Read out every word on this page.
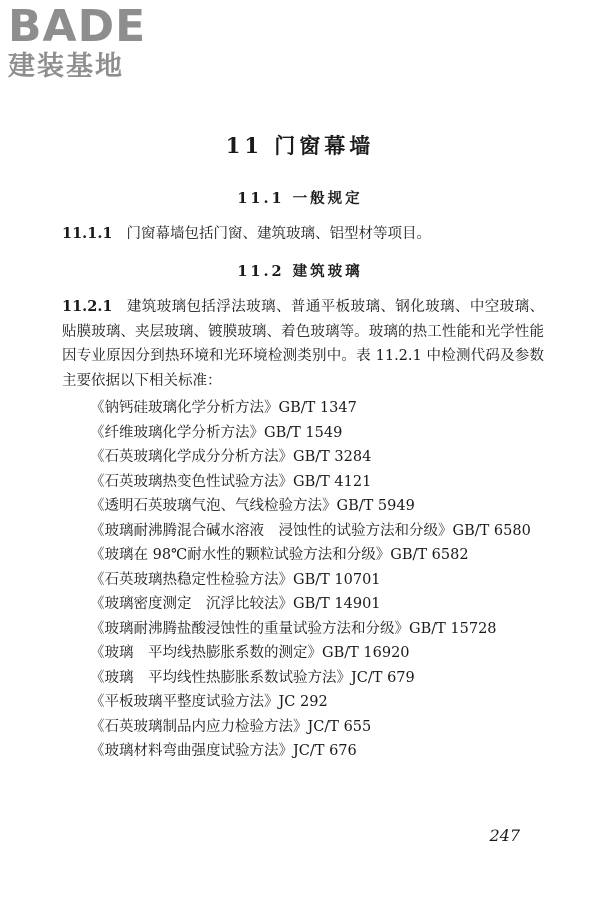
BADE
建装基地
11 门窗幕墙
11.1 一般规定
11.1.1 门窗幕墙包括门窗、建筑玻璃、铝型材等项目。
11.2 建筑玻璃
11.2.1 建筑玻璃包括浮法玻璃、普通平板玻璃、钢化玻璃、中空玻璃、贴膜玻璃、夹层玻璃、镀膜玻璃、着色玻璃等。玻璃的热工性能和光学性能因专业原因分到热环境和光环境检测类别中。表 11.2.1 中检测代码及参数主要依据以下相关标准：

《钠钙硅玻璃化学分析方法》GB/T 1347

《纤维玻璃化学分析方法》GB/T 1549

《石英玻璃化学成分分析方法》GB/T 3284

《石英玻璃热变色性试验方法》GB/T 4121

《透明石英玻璃气泡、气线检验方法》GB/T 5949

《玻璃耐沸腾混合碱水溶液　浸蚀性的试验方法和分级》GB/T 6580

《玻璃在 98℃耐水性的颗粒试验方法和分级》GB/T 6582

《石英玻璃热稳定性检验方法》GB/T 10701

《玻璃密度测定　沉浮比较法》GB/T 14901

《玻璃耐沸腾盐酸浸蚀性的重量试验方法和分级》GB/T 15728

《玻璃　平均线热膨胀系数的测定》GB/T 16920

《玻璃　平均线性热膨胀系数试验方法》JC/T 679

《平板玻璃平整度试验方法》JC 292

《石英玻璃制品内应力检验方法》JC/T 655

《玻璃材料弯曲强度试验方法》JC/T 676

247
